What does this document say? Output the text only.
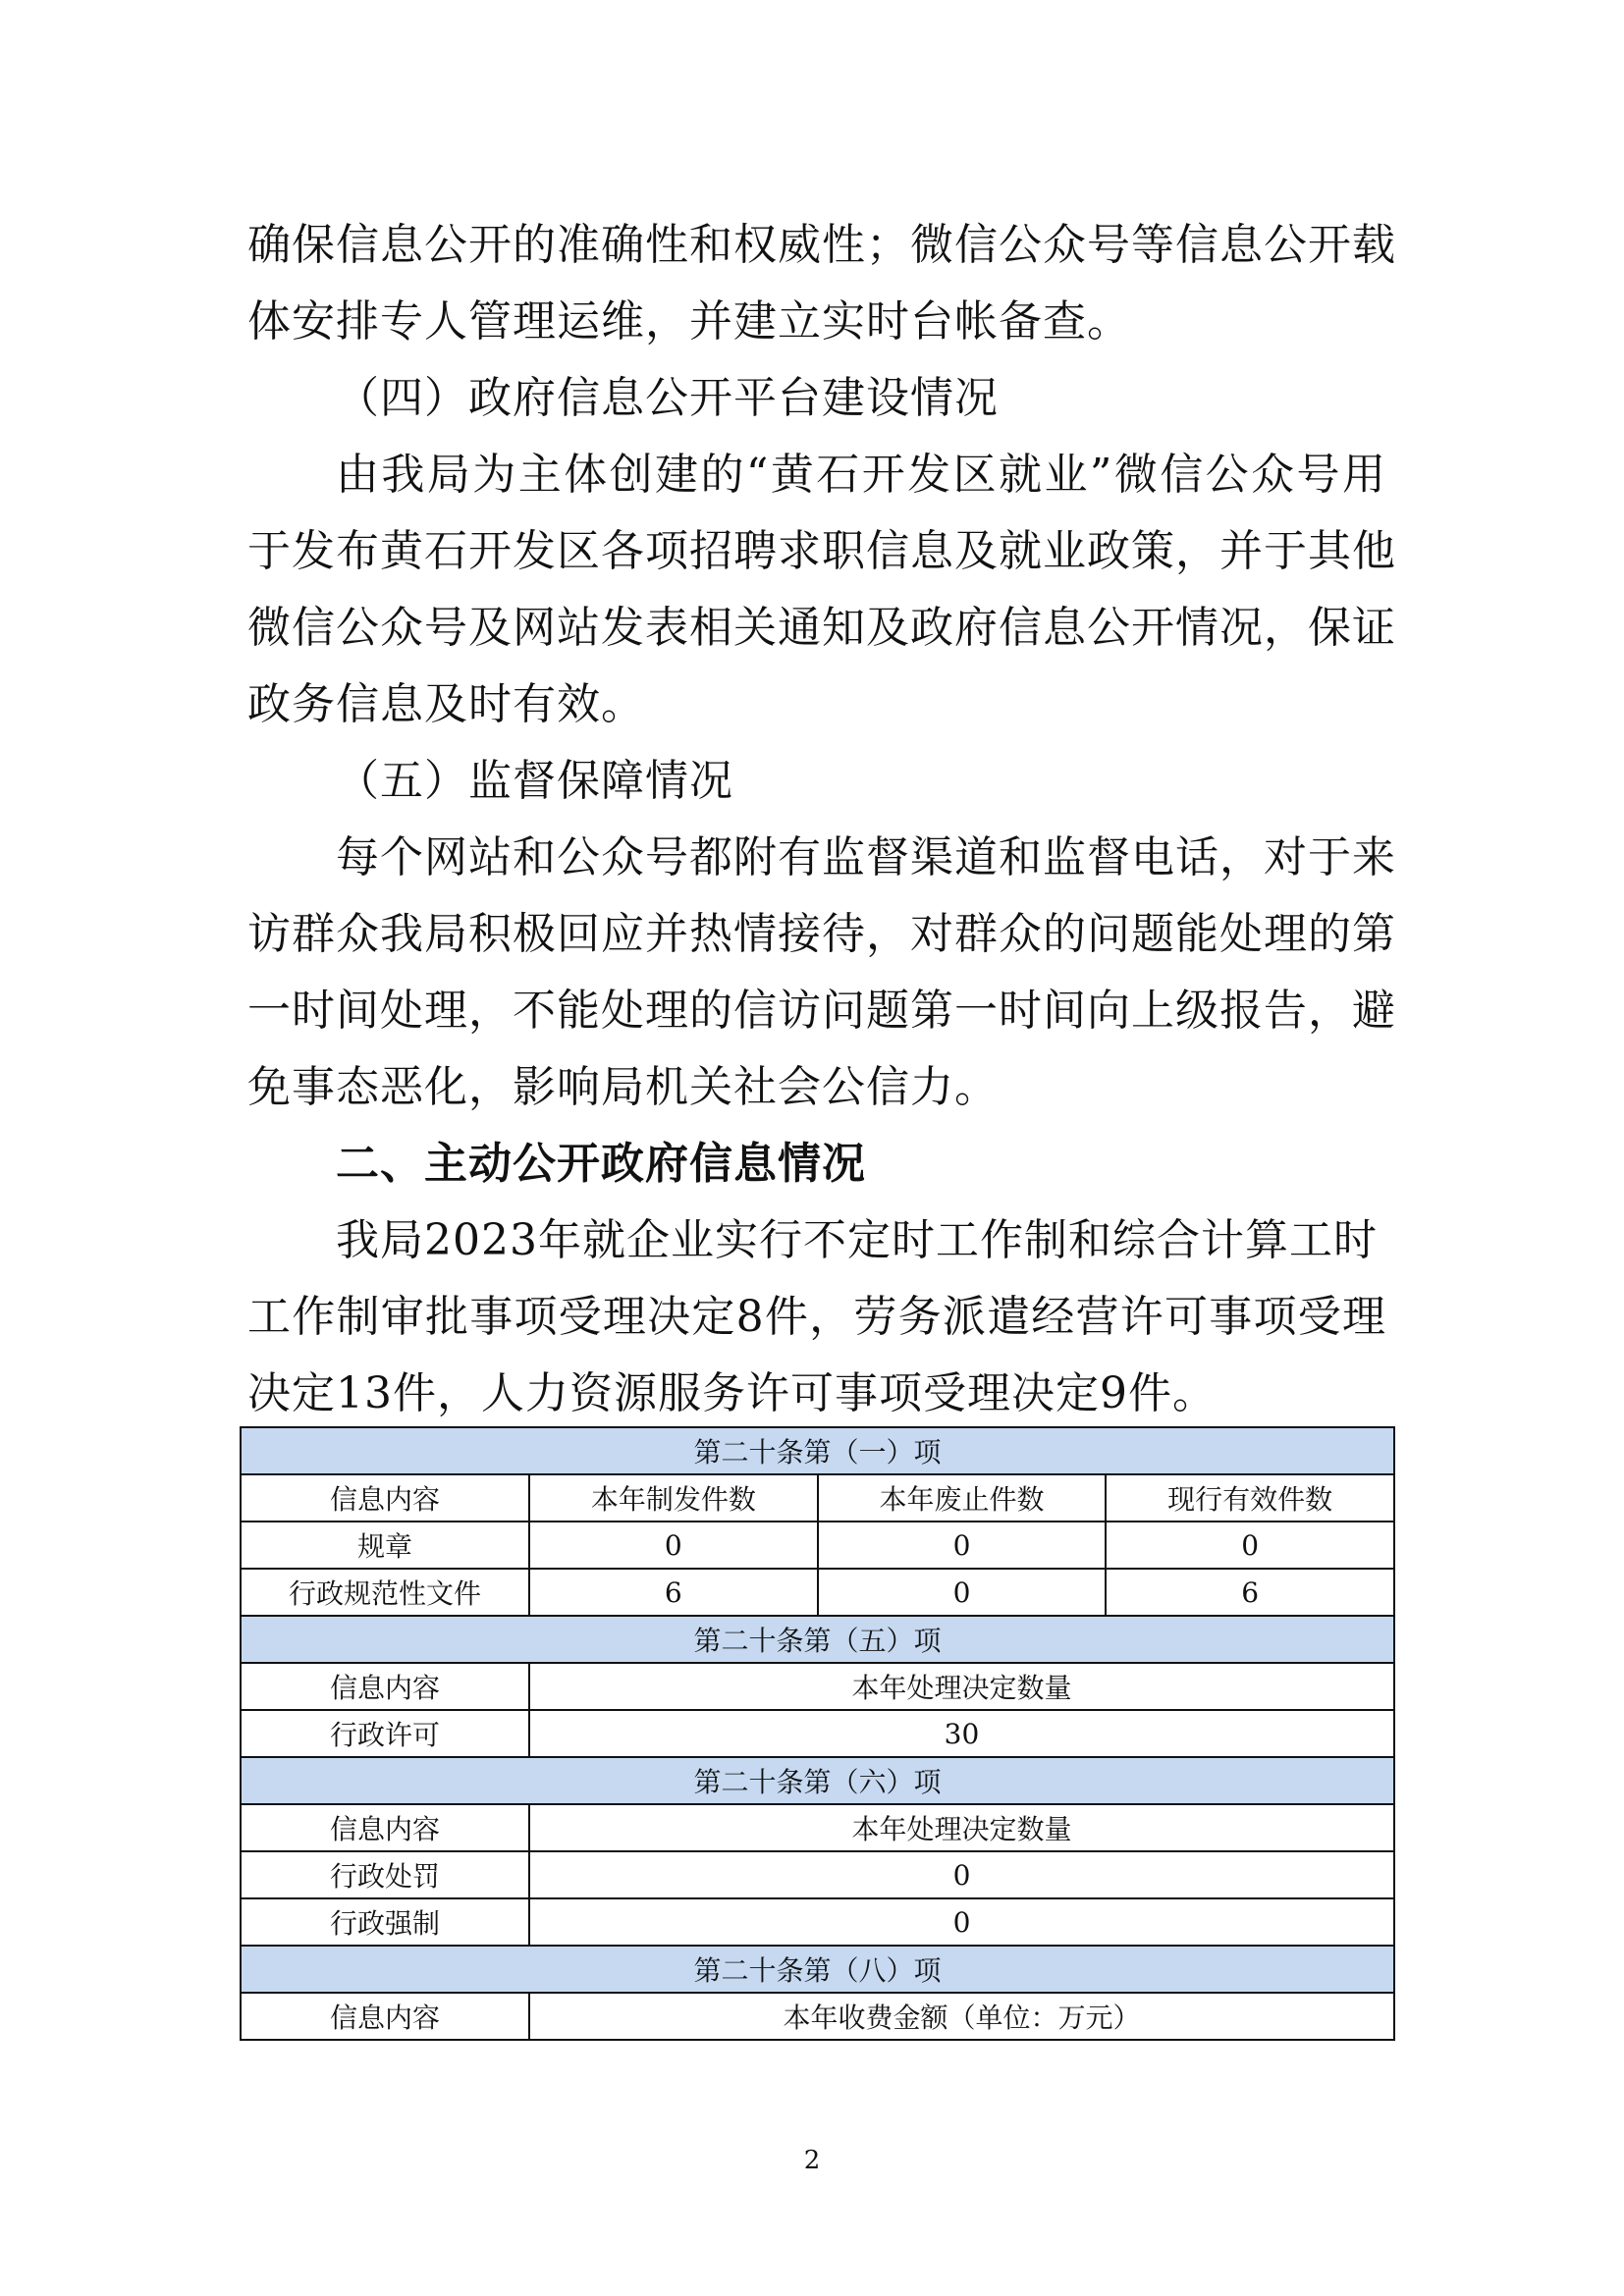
确保信息公开的准确性和权威性；微信公众号等信息公开载
体安排专人管理运维，并建立实时台帐备查。
（四）政府信息公开平台建设情况
由我局为主体创建的“黄石开发区就业”微信公众号用
于发布黄石开发区各项招聘求职信息及就业政策，并于其他
微信公众号及网站发表相关通知及政府信息公开情况，保证
政务信息及时有效。
（五）监督保障情况
每个网站和公众号都附有监督渠道和监督电话，对于来
访群众我局积极回应并热情接待，对群众的问题能处理的第
一时间处理，不能处理的信访问题第一时间向上级报告，避
免事态恶化，影响局机关社会公信力。
二、主动公开政府信息情况
我局2023年就企业实行不定时工作制和综合计算工时
工作制审批事项受理决定8件，劳务派遣经营许可事项受理
决定13件，人力资源服务许可事项受理决定9件。
第二十条第（一）项			
信息内容	本年制发件数	本年废止件数	现行有效件数
规章	0	0	0
行政规范性文件	6	0	6
第二十条第（五）项			
信息内容	本年处理决定数量		
行政许可	30		
第二十条第（六）项			
信息内容	本年处理决定数量		
行政处罚	0		
行政强制	0		
第二十条第（八）项			
信息内容	本年收费金额（单位：万元）		
2
